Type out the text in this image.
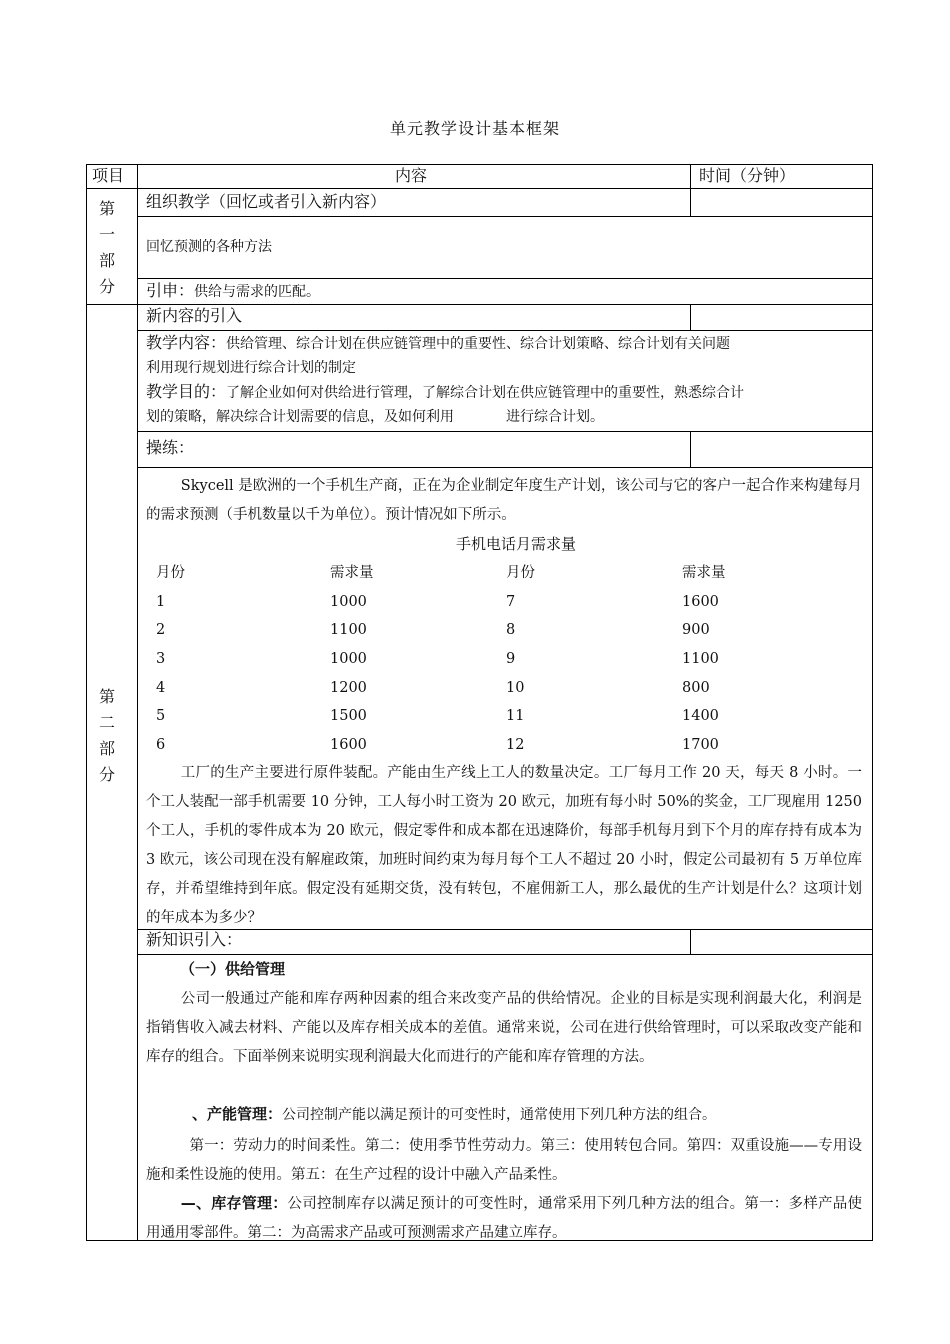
单元教学设计基本框架
项目	内容	时间（分钟）
第
一
部
分
组织教学（回忆或者引入新内容）
回忆预测的各种方法
引申：供给与需求的匹配。
第
二
部
分
新内容的引入
教学内容：供给管理、综合计划在供应链管理中的重要性、综合计划策略、综合计划有关问题
利用现行规划进行综合计划的制定
教学目的：了解企业如何对供给进行管理，了解综合计划在供应链管理中的重要性，熟悉综合计
划的策略，解决综合计划需要的信息，及如何利用	进行综合计划。
操练：
Skycell 是欧洲的一个手机生产商，正在为企业制定年度生产计划，该公司与它的客户一起合作来构建每月的需求预测（手机数量以千为单位）。预计情况如下所示。
手机电话月需求量
月份	需求量	月份	需求量
1	1000	7	1600
2	1100	8	900
3	1000	9	1100
4	1200	10	800
5	1500	11	1400
6	1600	12	1700
工厂的生产主要进行原件装配。产能由生产线上工人的数量决定。工厂每月工作 20 天，每天 8 小时。一个工人装配一部手机需要 10 分钟，工人每小时工资为 20 欧元，加班有每小时 50%的奖金，工厂现雇用 1250 个工人，手机的零件成本为 20 欧元，假定零件和成本都在迅速降价，每部手机每月到下个月的库存持有成本为 3 欧元，该公司现在没有解雇政策，加班时间约束为每月每个工人不超过 20 小时，假定公司最初有 5 万单位库存，并希望维持到年底。假定没有延期交货，没有转包，不雇佣新工人，那么最优的生产计划是什么？这项计划的年成本为多少？
新知识引入：
（一）供给管理
公司一般通过产能和库存两种因素的组合来改变产品的供给情况。企业的目标是实现利润最大化，利润是指销售收入减去材料、产能以及库存相关成本的差值。通常来说，公司在进行供给管理时，可以采取改变产能和库存的组合。下面举例来说明实现利润最大化而进行的产能和库存管理的方法。
、产能管理：公司控制产能以满足预计的可变性时，通常使用下列几种方法的组合。
第一：劳动力的时间柔性。第二：使用季节性劳动力。第三：使用转包合同。第四：双重设施——专用设施和柔性设施的使用。第五：在生产过程的设计中融入产品柔性。
—、库存管理：公司控制库存以满足预计的可变性时，通常采用下列几种方法的组合。第一：多样产品使用通用零部件。第二：为高需求产品或可预测需求产品建立库存。
